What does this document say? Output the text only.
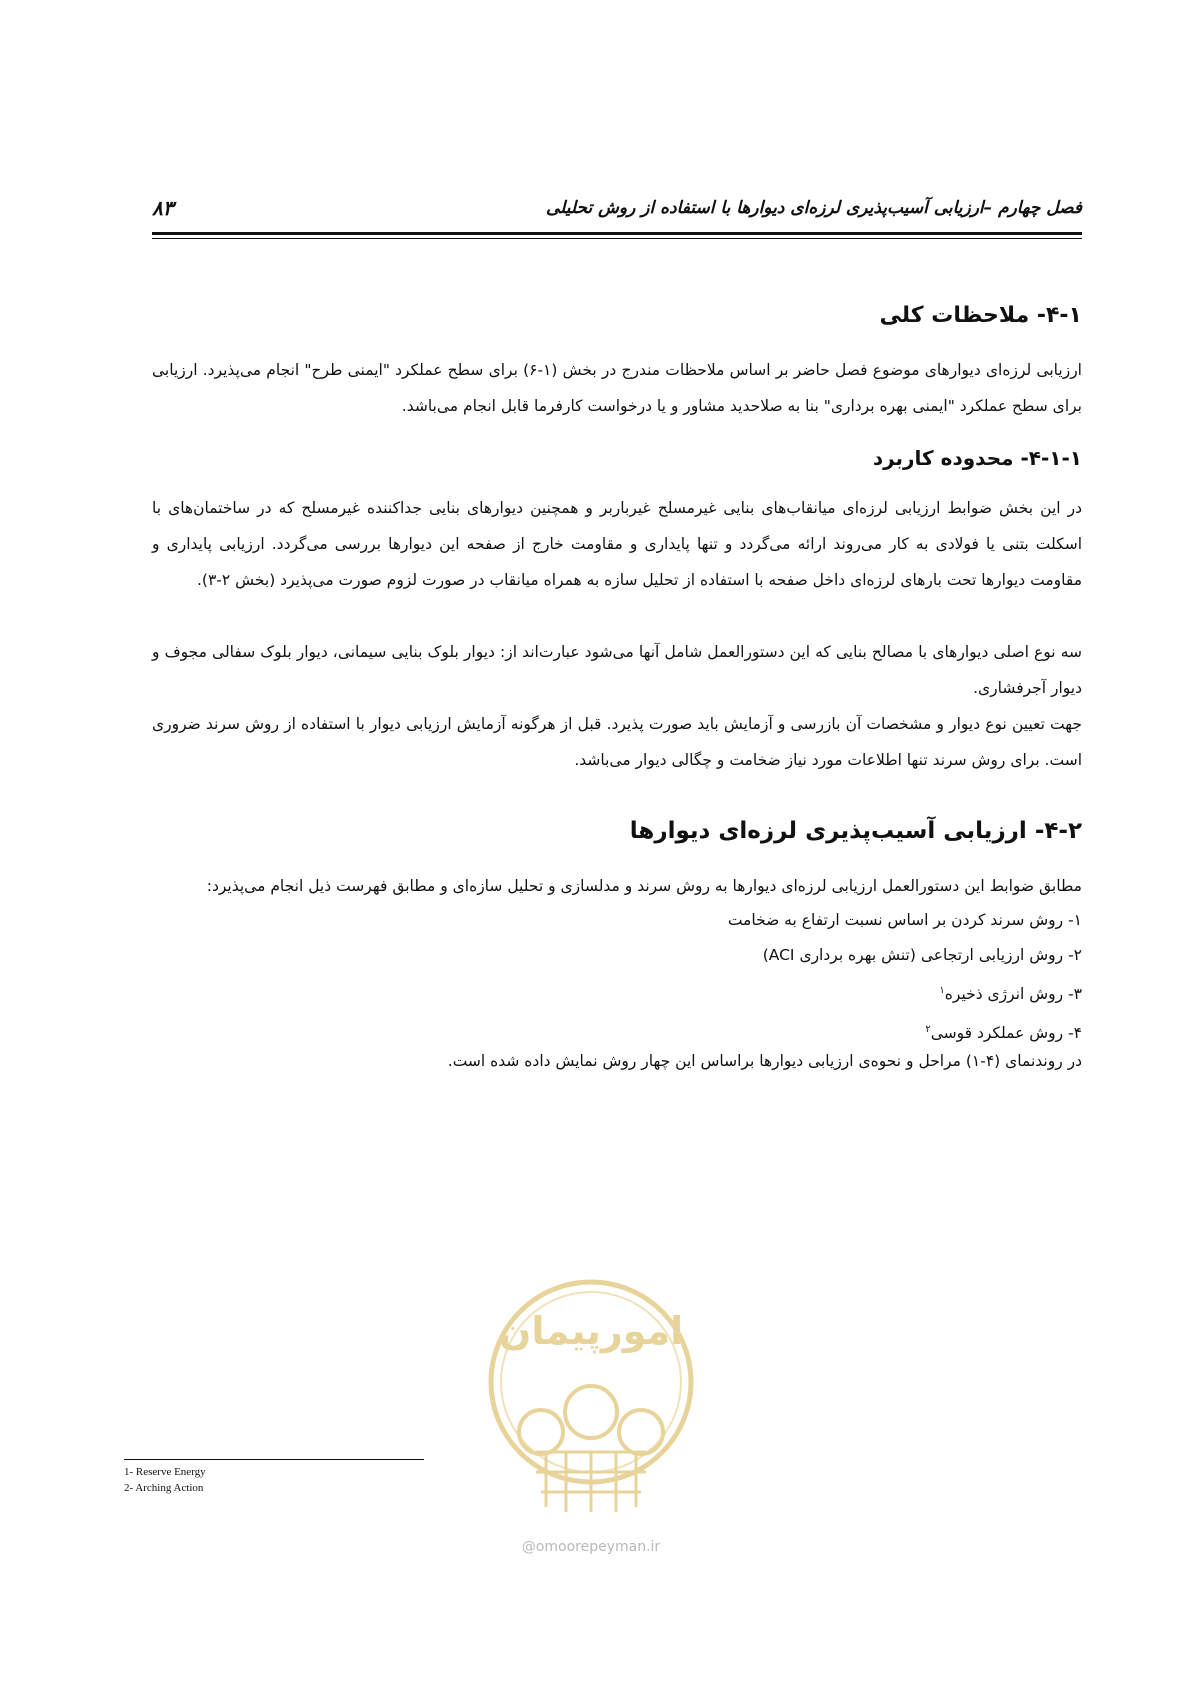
۸۳	فصل چهارم –ارزیابی آسیب‌پذیری لرزه‌ای دیوارها با استفاده از روش تحلیلی
۴-۱- ملاحظات کلی
ارزیابی لرزه‌ای دیوارهای موضوع فصل حاضر بر اساس ملاحظات مندرج در بخش (۱-۶) برای سطح عملکرد "ایمنی طرح" انجام می‌پذیرد. ارزیابی برای سطح عملکرد "ایمنی بهره برداری" بنا به صلاحدید مشاور و یا درخواست کارفرما قابل انجام می‌باشد.
۴-۱-۱- محدوده کاربرد
در این بخش ضوابط ارزیابی لرزه‌ای میانقاب‌های بنایی غیرمسلح غیرباربر و همچنین دیوارهای بنایی جداکننده غیرمسلح که در ساختمان‌های با اسکلت بتنی یا فولادی به کار می‌روند ارائه می‌گردد و تنها پایداری و مقاومت خارج از صفحه این دیوارها بررسی می‌گردد. ارزیابی پایداری و مقاومت دیوارها تحت بارهای لرزه‌ای داخل صفحه با استفاده از تحلیل سازه به همراه میانقاب در صورت لزوم صورت می‌پذیرد (بخش ۲-۳).
سه نوع اصلی دیوارهای با مصالح بنایی که این دستورالعمل شامل آنها می‌شود عبارت‌اند از: دیوار بلوک بنایی سیمانی، دیوار بلوک سفالی مجوف و دیوار آجرفشاری.
جهت تعیین نوع دیوار و مشخصات آن بازرسی و آزمایش باید صورت پذیرد. قبل از هرگونه آزمایش ارزیابی دیوار با استفاده از روش سرند ضروری است. برای روش سرند تنها اطلاعات مورد نیاز ضخامت و چگالی دیوار می‌باشد.
۴-۲- ارزیابی آسیب‌پذیری لرزه‌ای دیوارها
مطابق ضوابط این دستورالعمل ارزیابی لرزه‌ای دیوارها به روش سرند و مدلسازی و تحلیل سازه‌ای و مطابق فهرست ذیل انجام می‌پذیرد:
۱- روش سرند کردن بر اساس نسبت ارتفاع به ضخامت
۲- روش ارزیابی ارتجاعی (تنش بهره برداری ACI)
۳- روش انرژی ذخیره$^۱$
۴- روش عملکرد قوسی$^۲$
در روندنمای (۴-۱) مراحل و نحوه‌ی ارزیابی دیوارها براساس این چهار روش نمایش داده شده است.
امورپیمان
@omoorepeyman.ir
1- Reserve Energy
2- Arching Action
